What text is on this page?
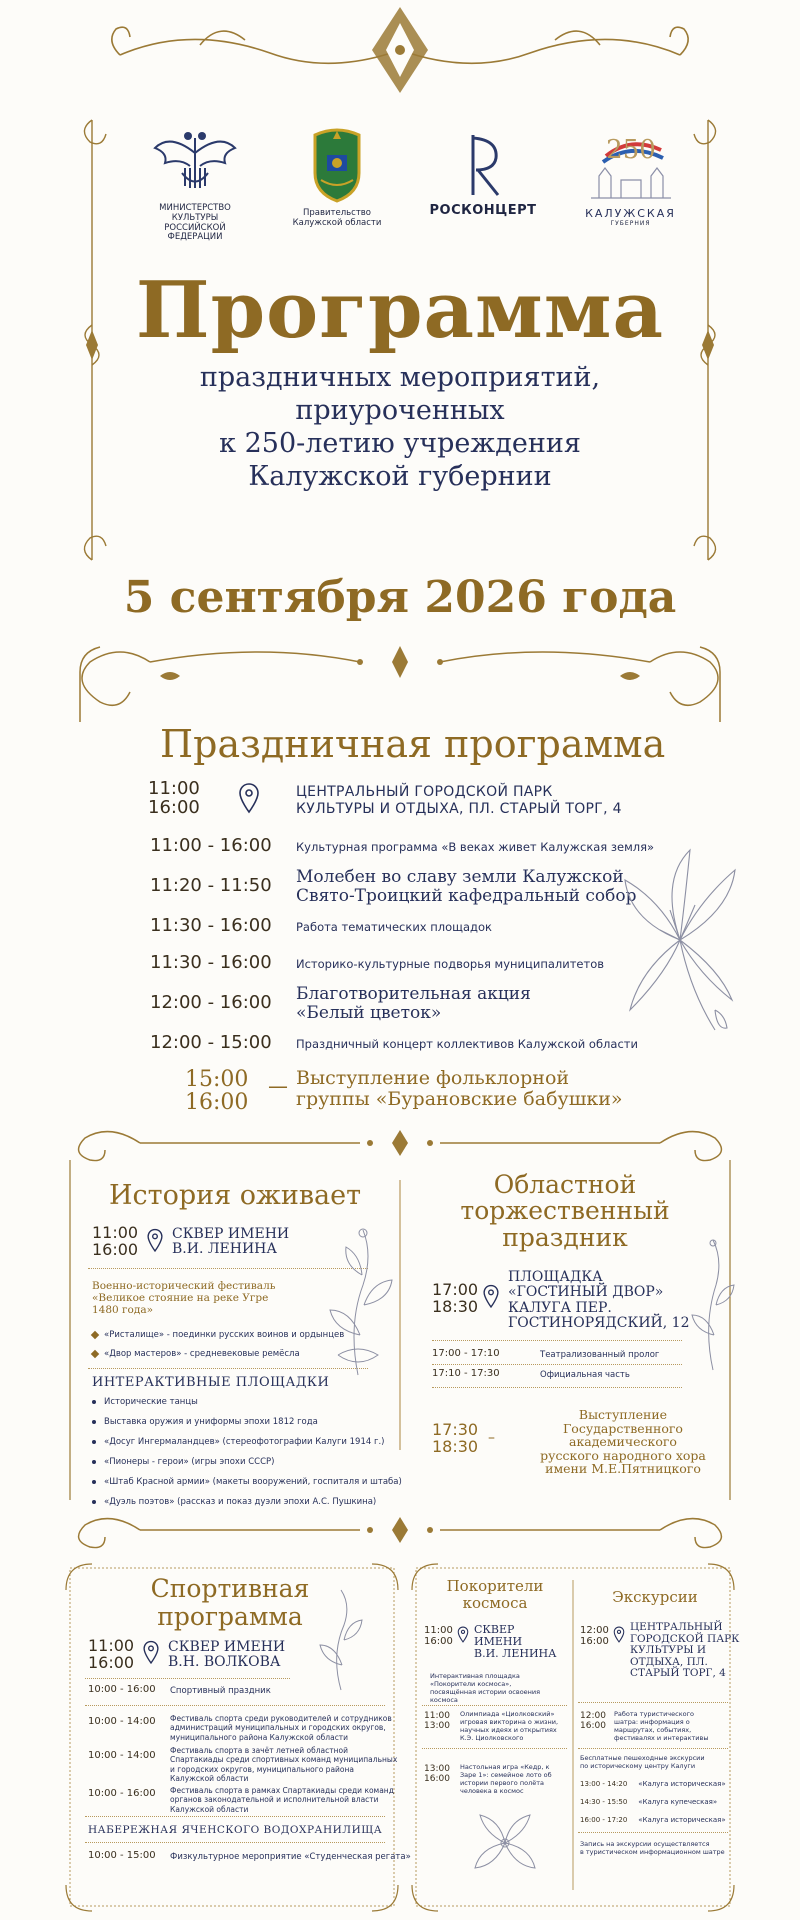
МИНИСТЕРСТВО КУЛЬТУРЫ
РОССИЙСКОЙ ФЕДЕРАЦИИ
Правительство
Калужской области
РОСКОНЦЕРТ
250
КАЛУЖСКАЯ
ГУБЕРНИЯ
Программа
праздничных мероприятий,
приуроченных
к 250-летию учреждения
Калужской губернии
5 сентября 2026 года
Праздничная программа
11:00
16:00
ЦЕНТРАЛЬНЫЙ ГОРОДСКОЙ ПАРК
КУЛЬТУРЫ И ОТДЫХА, ПЛ. СТАРЫЙ ТОРГ, 4
11:00 - 16:00	Культурная программа «В веках живет Калужская земля»
11:20 - 11:50	Молебен во славу земли Калужской
Свято-Троицкий кафедральный собор
11:30 - 16:00	Работа тематических площадок
11:30 - 16:00	Историко-культурные подворья муниципалитетов
12:00 - 16:00	Благотворительная акция
«Белый цветок»
12:00 - 15:00	Праздничный концерт коллективов Калужской области
15:00
16:00
— Выступление фольклорной
группы «Бурановские бабушки»
История оживает
11:00
16:00
СКВЕР ИМЕНИ
В.И. ЛЕНИНА
Военно-исторический фестиваль
«Великое стояние на реке Угре
1480 года»
«Ристалище» - поединки русских воинов и ордынцев
«Двор мастеров» - средневековые ремёсла
ИНТЕРАКТИВНЫЕ ПЛОЩАДКИ
Исторические танцы
Выставка оружия и униформы эпохи 1812 года
«Досуг Ингермаландцев» (стереофотографии Калуги 1914 г.)
«Пионеры - герои» (игры эпохи СССР)
«Штаб Красной армии» (макеты вооружений, госпиталя и штаба)
«Дуэль поэтов» (рассказ и показ дуэли эпохи А.С. Пушкина)
Областной
торжественный
праздник
17:00
18:30
ПЛОЩАДКА
«ГОСТИНЫЙ ДВОР»
КАЛУГА ПЕР.
ГОСТИНОРЯДСКИЙ, 12
17:00 - 17:10	Театрализованный пролог
17:10 - 17:30	Официальная часть
17:30
18:30 –
Выступление
Государственного академического
русского народного хора
имени М.Е.Пятницкого
Спортивная
программа
11:00
16:00
СКВЕР ИМЕНИ
В.Н. ВОЛКОВА
10:00 - 16:00 Спортивный праздник
10:00 - 14:00 Фестиваль спорта среди руководителей и сотрудников
администраций муниципальных и городских округов,
муниципального района Калужской области
10:00 - 14:00 Фестиваль спорта в зачёт летней областной
Спартакиады среди спортивных команд муниципальных
и городских округов, муниципального района
Калужской области
10:00 - 16:00 Фестиваль спорта в рамках Спартакиады среди команд
органов законодательной и исполнительной власти
Калужской области
НАБЕРЕЖНАЯ ЯЧЕНСКОГО ВОДОХРАНИЛИЩА
10:00 - 15:00 Физкультурное мероприятие «Студенческая регата»
Покорители
космоса
11:00
16:00
СКВЕР
ИМЕНИ
В.И. ЛЕНИНА
Интерактивная площадка
«Покорители космоса»,
посвящённая истории освоения
космоса
11:00
13:00
Олимпиада «Циолковский»
игровая викторина о жизни,
научных идеях и открытиях
К.Э. Циолковского
13:00
16:00
Настольная игра «Кедр, к
Заре 1»: семейное лото об
истории первого полёта
человека в космос
Экскурсии
12:00
16:00
ЦЕНТРАЛЬНЫЙ
ГОРОДСКОЙ ПАРК
КУЛЬТУРЫ И
ОТДЫХА, ПЛ.
СТАРЫЙ ТОРГ, 4
12:00
16:00
Работа туристического
шатра: информация о
маршрутах, событиях,
фестивалях и интерактивы
Бесплатные пешеходные экскурсии
по историческому центру Калуги
13:00 - 14:20 «Калуга историческая»
14:30 - 15:50 «Калуга купеческая»
16:00 - 17:20 «Калуга историческая»
Запись на экскурсии осуществляется
в туристическом информационном шатре
